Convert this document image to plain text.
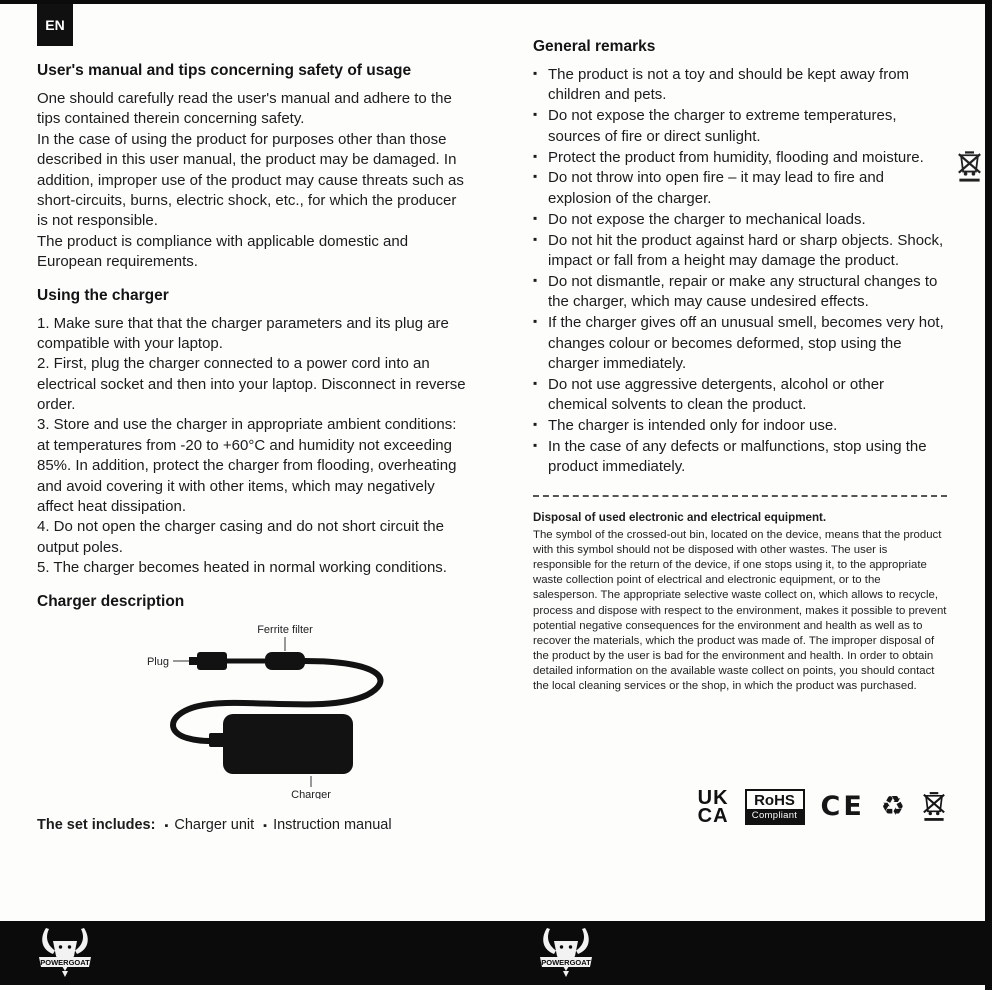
EN
User's manual and tips concerning safety of usage

One should carefully read the user's manual and adhere to the tips contained therein concerning safety.

In the case of using the product for purposes other than those described in this user manual, the product may be damaged. In addition, improper use of the product may cause threats such as short-circuits, burns, electric shock, etc., for which the producer is not responsible.

The product is compliance with applicable domestic and European requirements.

Using the charger
1. Make sure that that the charger parameters and its plug are compatible with your laptop.
2. First, plug the charger connected to a power cord into an electrical socket and then into your laptop. Disconnect in reverse order.
3. Store and use the charger in appropriate ambient conditions: at temperatures from -20 to +60°C and humidity not exceeding 85%. In addition, protect the charger from flooding, overheating and avoid covering it with other items, which may negatively affect heat dissipation.
4. Do not open the charger casing and do not short circuit the output poles.
5. The charger becomes heated in normal working conditions.
Charger description
Ferrite filter
Plug
Charger
The set includes: ▪ Charger unit ▪ Instruction manual
General remarks
▪ The product is not a toy and should be kept away from children and pets.
▪ Do not expose the charger to extreme temperatures, sources of fire or direct sunlight.
▪ Protect the product from humidity, flooding and moisture.
▪ Do not throw into open fire – it may lead to fire and explosion of the charger.
▪ Do not expose the charger to mechanical loads.
▪ Do not hit the product against hard or sharp objects. Shock, impact or fall from a height may damage the product.
▪ Do not dismantle, repair or make any structural changes to the charger, which may cause undesired effects.
▪ If the charger gives off an unusual smell, becomes very hot, changes colour or becomes deformed, stop using the charger immediately.
▪ Do not use aggressive detergents, alcohol or other chemical solvents to clean the product.
▪ The charger is intended only for indoor use.
▪ In the case of any defects or malfunctions, stop using the product immediately.
Disposal of used electronic and electrical equipment.
The symbol of the crossed-out bin, located on the device, means that the product with this symbol should not be disposed with other wastes. The user is responsible for the return of the device, if one stops using it, to the appropriate waste collection point of electrical and electronic equipment, or to the salesperson. The appropriate selective waste collect on, which allows to recycle, process and dispose with respect to the environment, makes it possible to prevent potential negative consequences for the environment and health as well as to recover the materials, which the product was made of. The improper disposal of the product by the user is bad for the environment and health. In order to obtain detailed information on the available waste collect on points, you should contact the local cleaning services or the shop, in which the product was purchased.
UK
CA
RoHS
Compliant CE ♻
POWERGOAT	POWERGOAT
